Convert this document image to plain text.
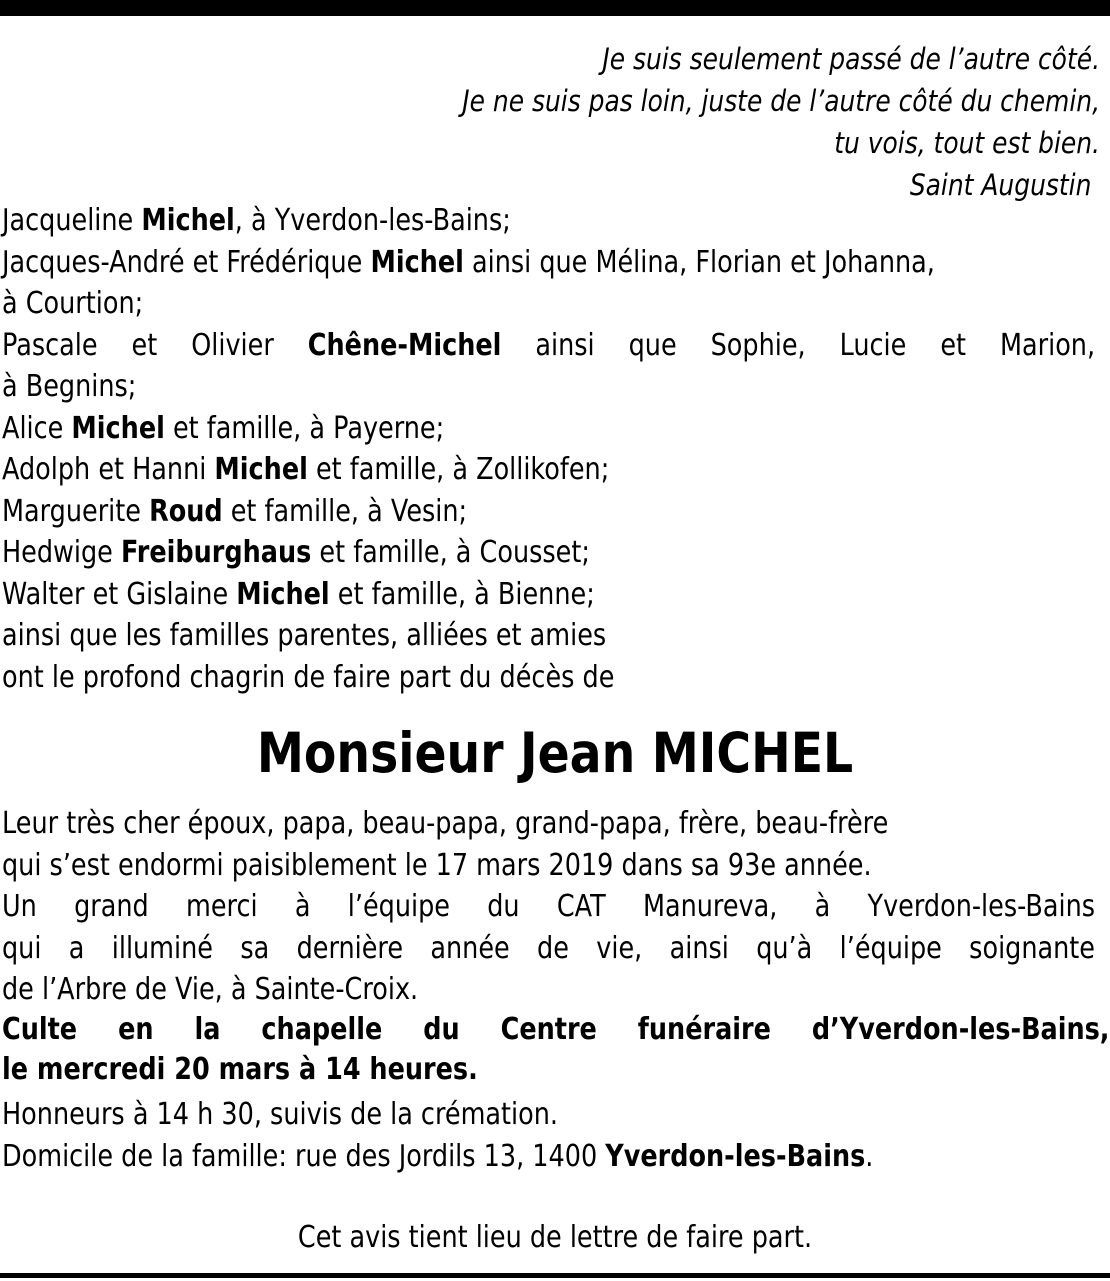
Je suis seulement passé de l’autre côté.
Je ne suis pas loin, juste de l’autre côté du chemin,
tu vois, tout est bien.
Saint Augustin
Jacqueline Michel, à Yverdon-les-Bains;
Jacques-André et Frédérique Michel ainsi que Mélina, Florian et Johanna,
à Courtion;
Pascale et Olivier Chêne-Michel ainsi que Sophie, Lucie et Marion,
à Begnins;
Alice Michel et famille, à Payerne;
Adolph et Hanni Michel et famille, à Zollikofen;
Marguerite Roud et famille, à Vesin;
Hedwige Freiburghaus et famille, à Cousset;
Walter et Gislaine Michel et famille, à Bienne;
ainsi que les familles parentes, alliées et amies
ont le profond chagrin de faire part du décès de
Monsieur Jean MICHEL
Leur très cher époux, papa, beau-papa, grand-papa, frère, beau-frère
qui s’est endormi paisiblement le 17 mars 2019 dans sa 93e année.
Un grand merci à l’équipe du CAT Manureva, à Yverdon-les-Bains
qui a illuminé sa dernière année de vie, ainsi qu’à l’équipe soignante
de l’Arbre de Vie, à Sainte-Croix.
Culte en la chapelle du Centre funéraire d’Yverdon-les-Bains,
le mercredi 20 mars à 14 heures.
Honneurs à 14 h 30, suivis de la crémation.
Domicile de la famille: rue des Jordils 13, 1400 Yverdon-les-Bains.
Cet avis tient lieu de lettre de faire part.
